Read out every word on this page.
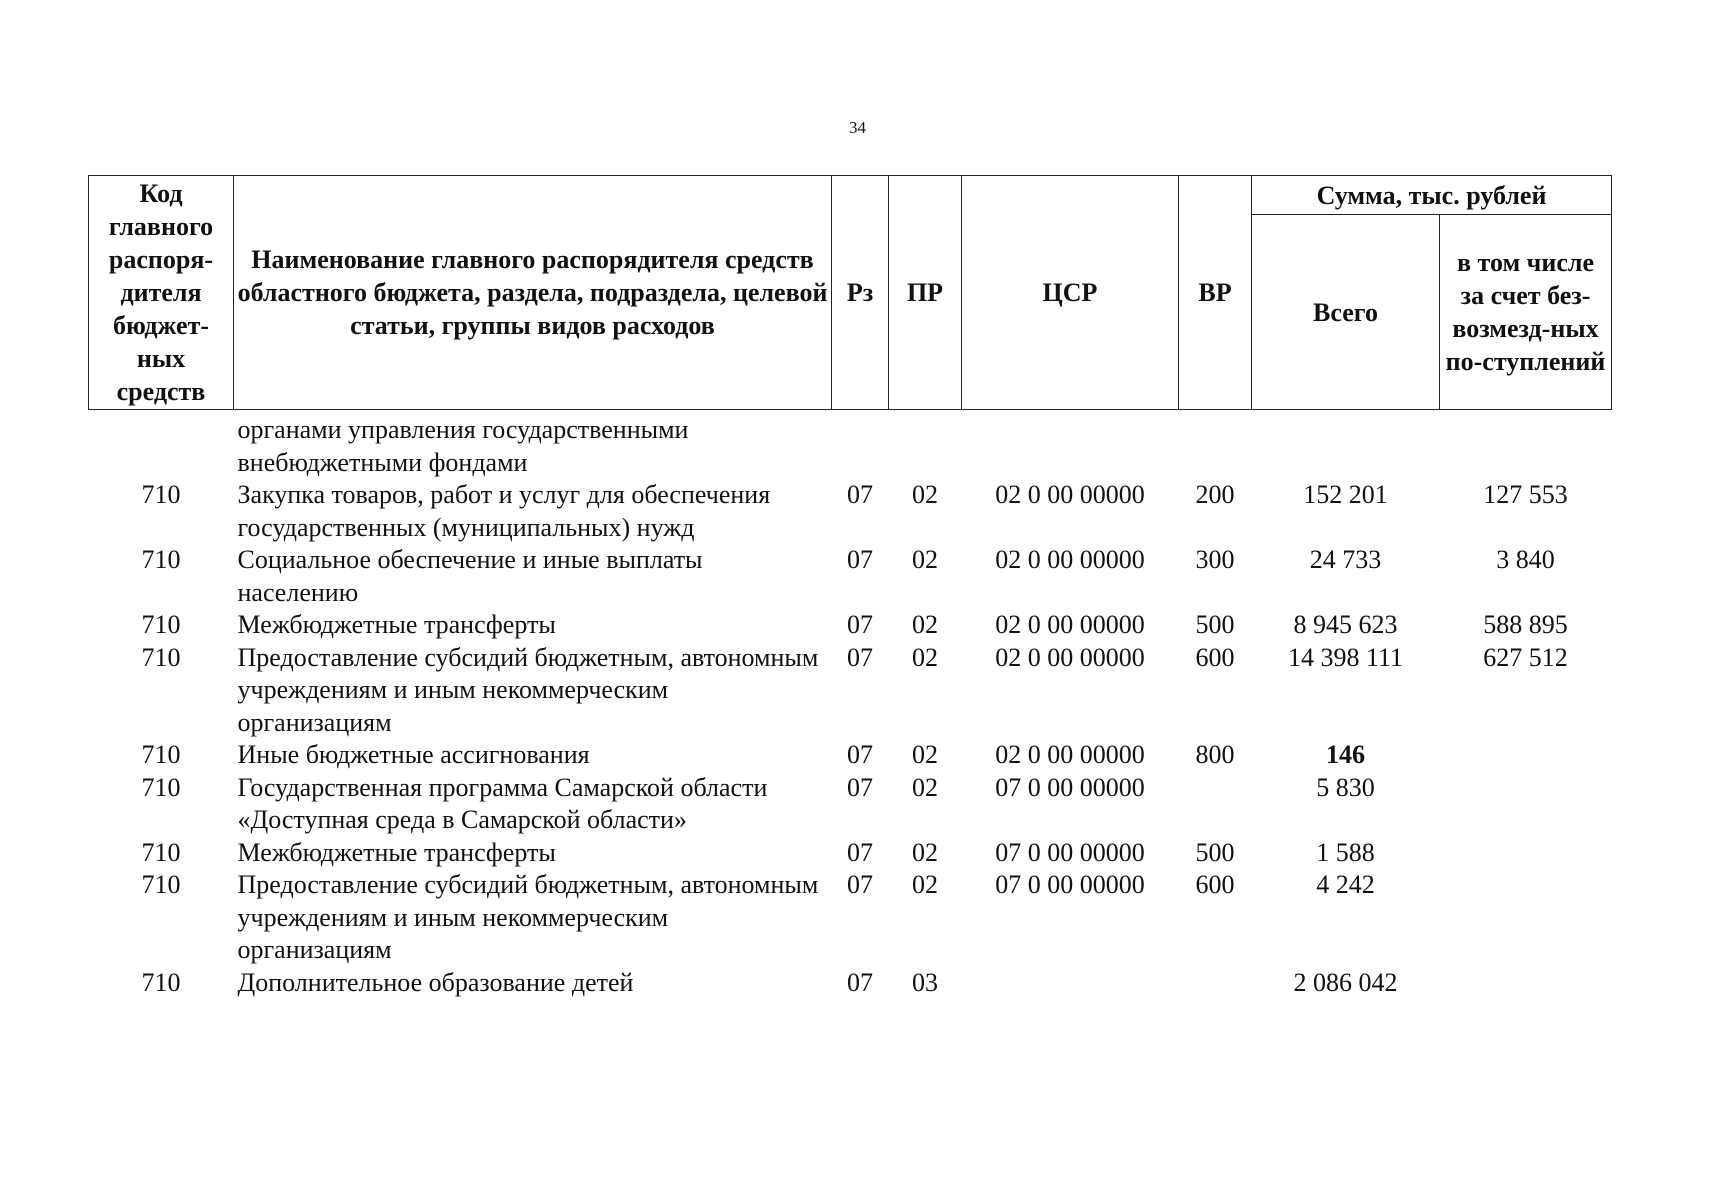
34
Код главного распоря-дителя бюджет-ных средств	Наименование главного распорядителя средств областного бюджета, раздела, подраздела, целевой статьи, группы видов расходов	Рз	ПР	ЦСР	ВР	Сумма, тыс. рублей	
						Всего	в том числе за счет без-возмезд-ных по-ступлений
	органами управления государственными внебюджетными фондами						
710	Закупка товаров, работ и услуг для обеспечения государственных (муниципальных) нужд	07	02	02 0 00 00000	200	152 201	127 553
710	Социальное обеспечение и иные выплаты населению	07	02	02 0 00 00000	300	24 733	3 840
710	Межбюджетные трансферты	07	02	02 0 00 00000	500	8 945 623	588 895
710	Предоставление субсидий бюджетным, автономным учреждениям и иным некоммерческим организациям	07	02	02 0 00 00000	600	14 398 111	627 512
710	Иные бюджетные ассигнования	07	02	02 0 00 00000	800	146	
710	Государственная программа Самарской области «Доступная среда в Самарской области»	07	02	07 0 00 00000		5 830	
710	Межбюджетные трансферты	07	02	07 0 00 00000	500	1 588	
710	Предоставление субсидий бюджетным, автономным учреждениям и иным некоммерческим организациям	07	02	07 0 00 00000	600	4 242	
710	Дополнительное образование детей	07	03			2 086 042	
